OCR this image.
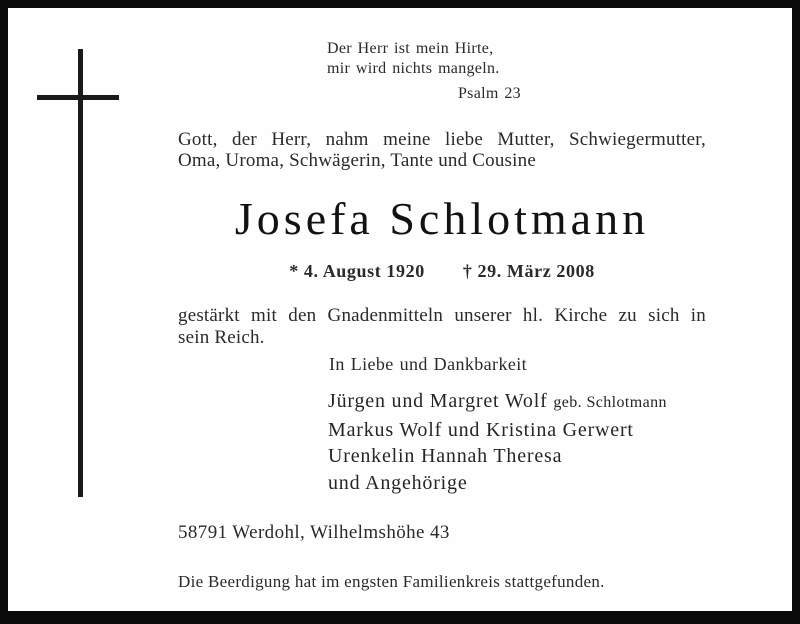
Der Herr ist mein Hirte,
mir wird nichts mangeln.
Psalm 23
Gott, der Herr, nahm meine liebe Mutter, Schwiegermutter,
Oma, Uroma, Schwägerin, Tante und Cousine
Josefa Schlotmann
* 4. August 1920 † 29. März 2008
gestärkt mit den Gnadenmitteln unserer hl. Kirche zu sich in
sein Reich.
In Liebe und Dankbarkeit
Jürgen und Margret Wolf geb. Schlotmann
Markus Wolf und Kristina Gerwert
Urenkelin Hannah Theresa
und Angehörige
58791 Werdohl, Wilhelmshöhe 43
Die Beerdigung hat im engsten Familienkreis stattgefunden.
